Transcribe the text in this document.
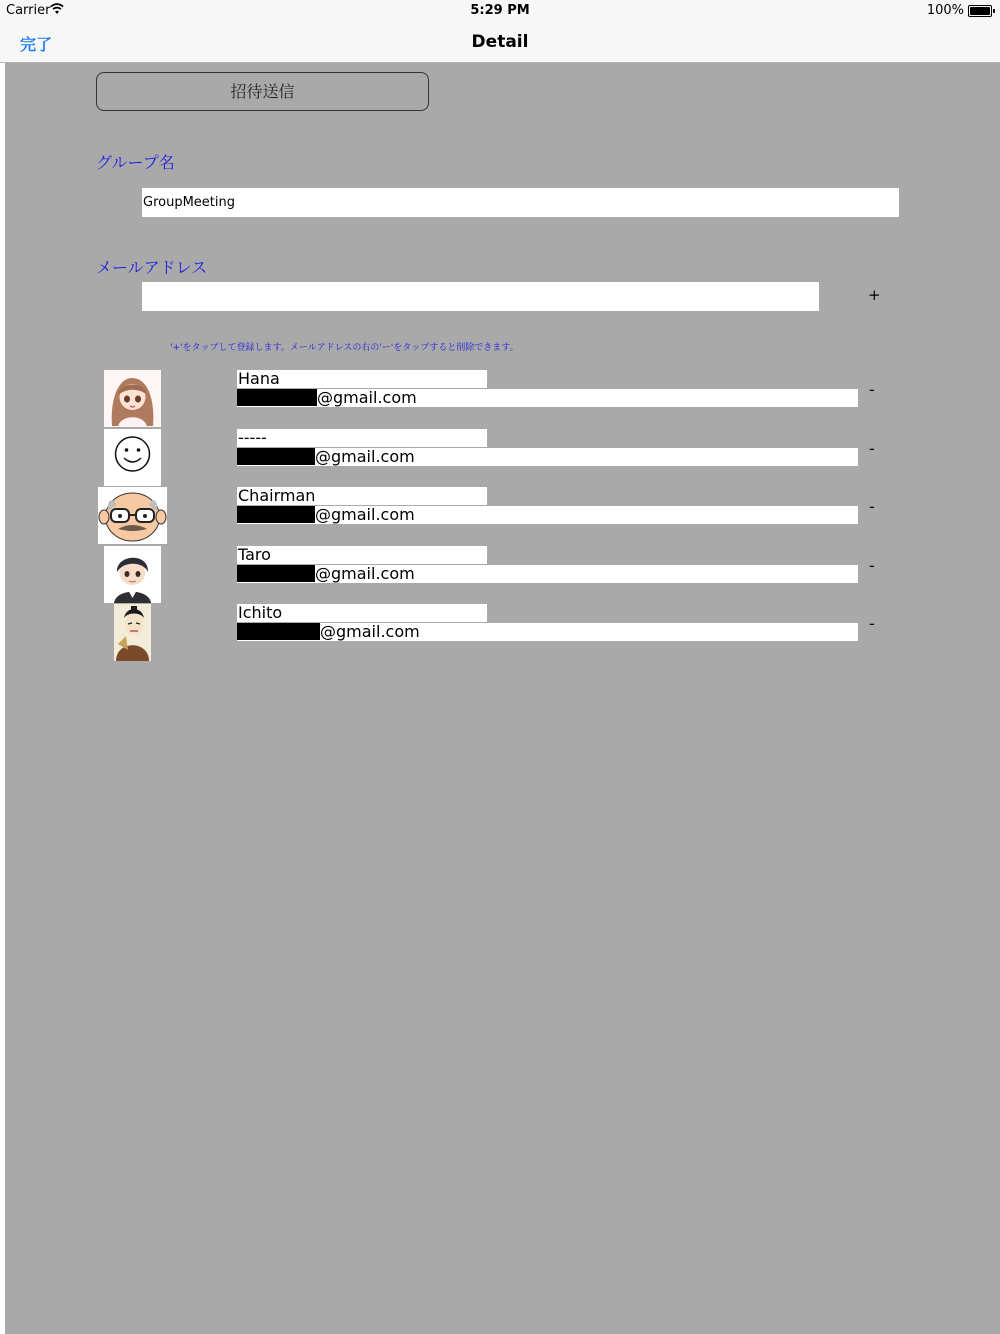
Carrier	5:29 PM	100%
完了	Detail
招待送信
グループ名
GroupMeeting
メールアドレス
+
'+'をタップして登録します。メールアドレスの右の'ー'をタップすると削除できます。
Hana
@gmail.com	-
-----
@gmail.com	-
Chairman
@gmail.com	-
Taro
@gmail.com	-
Ichito
@gmail.com	-
